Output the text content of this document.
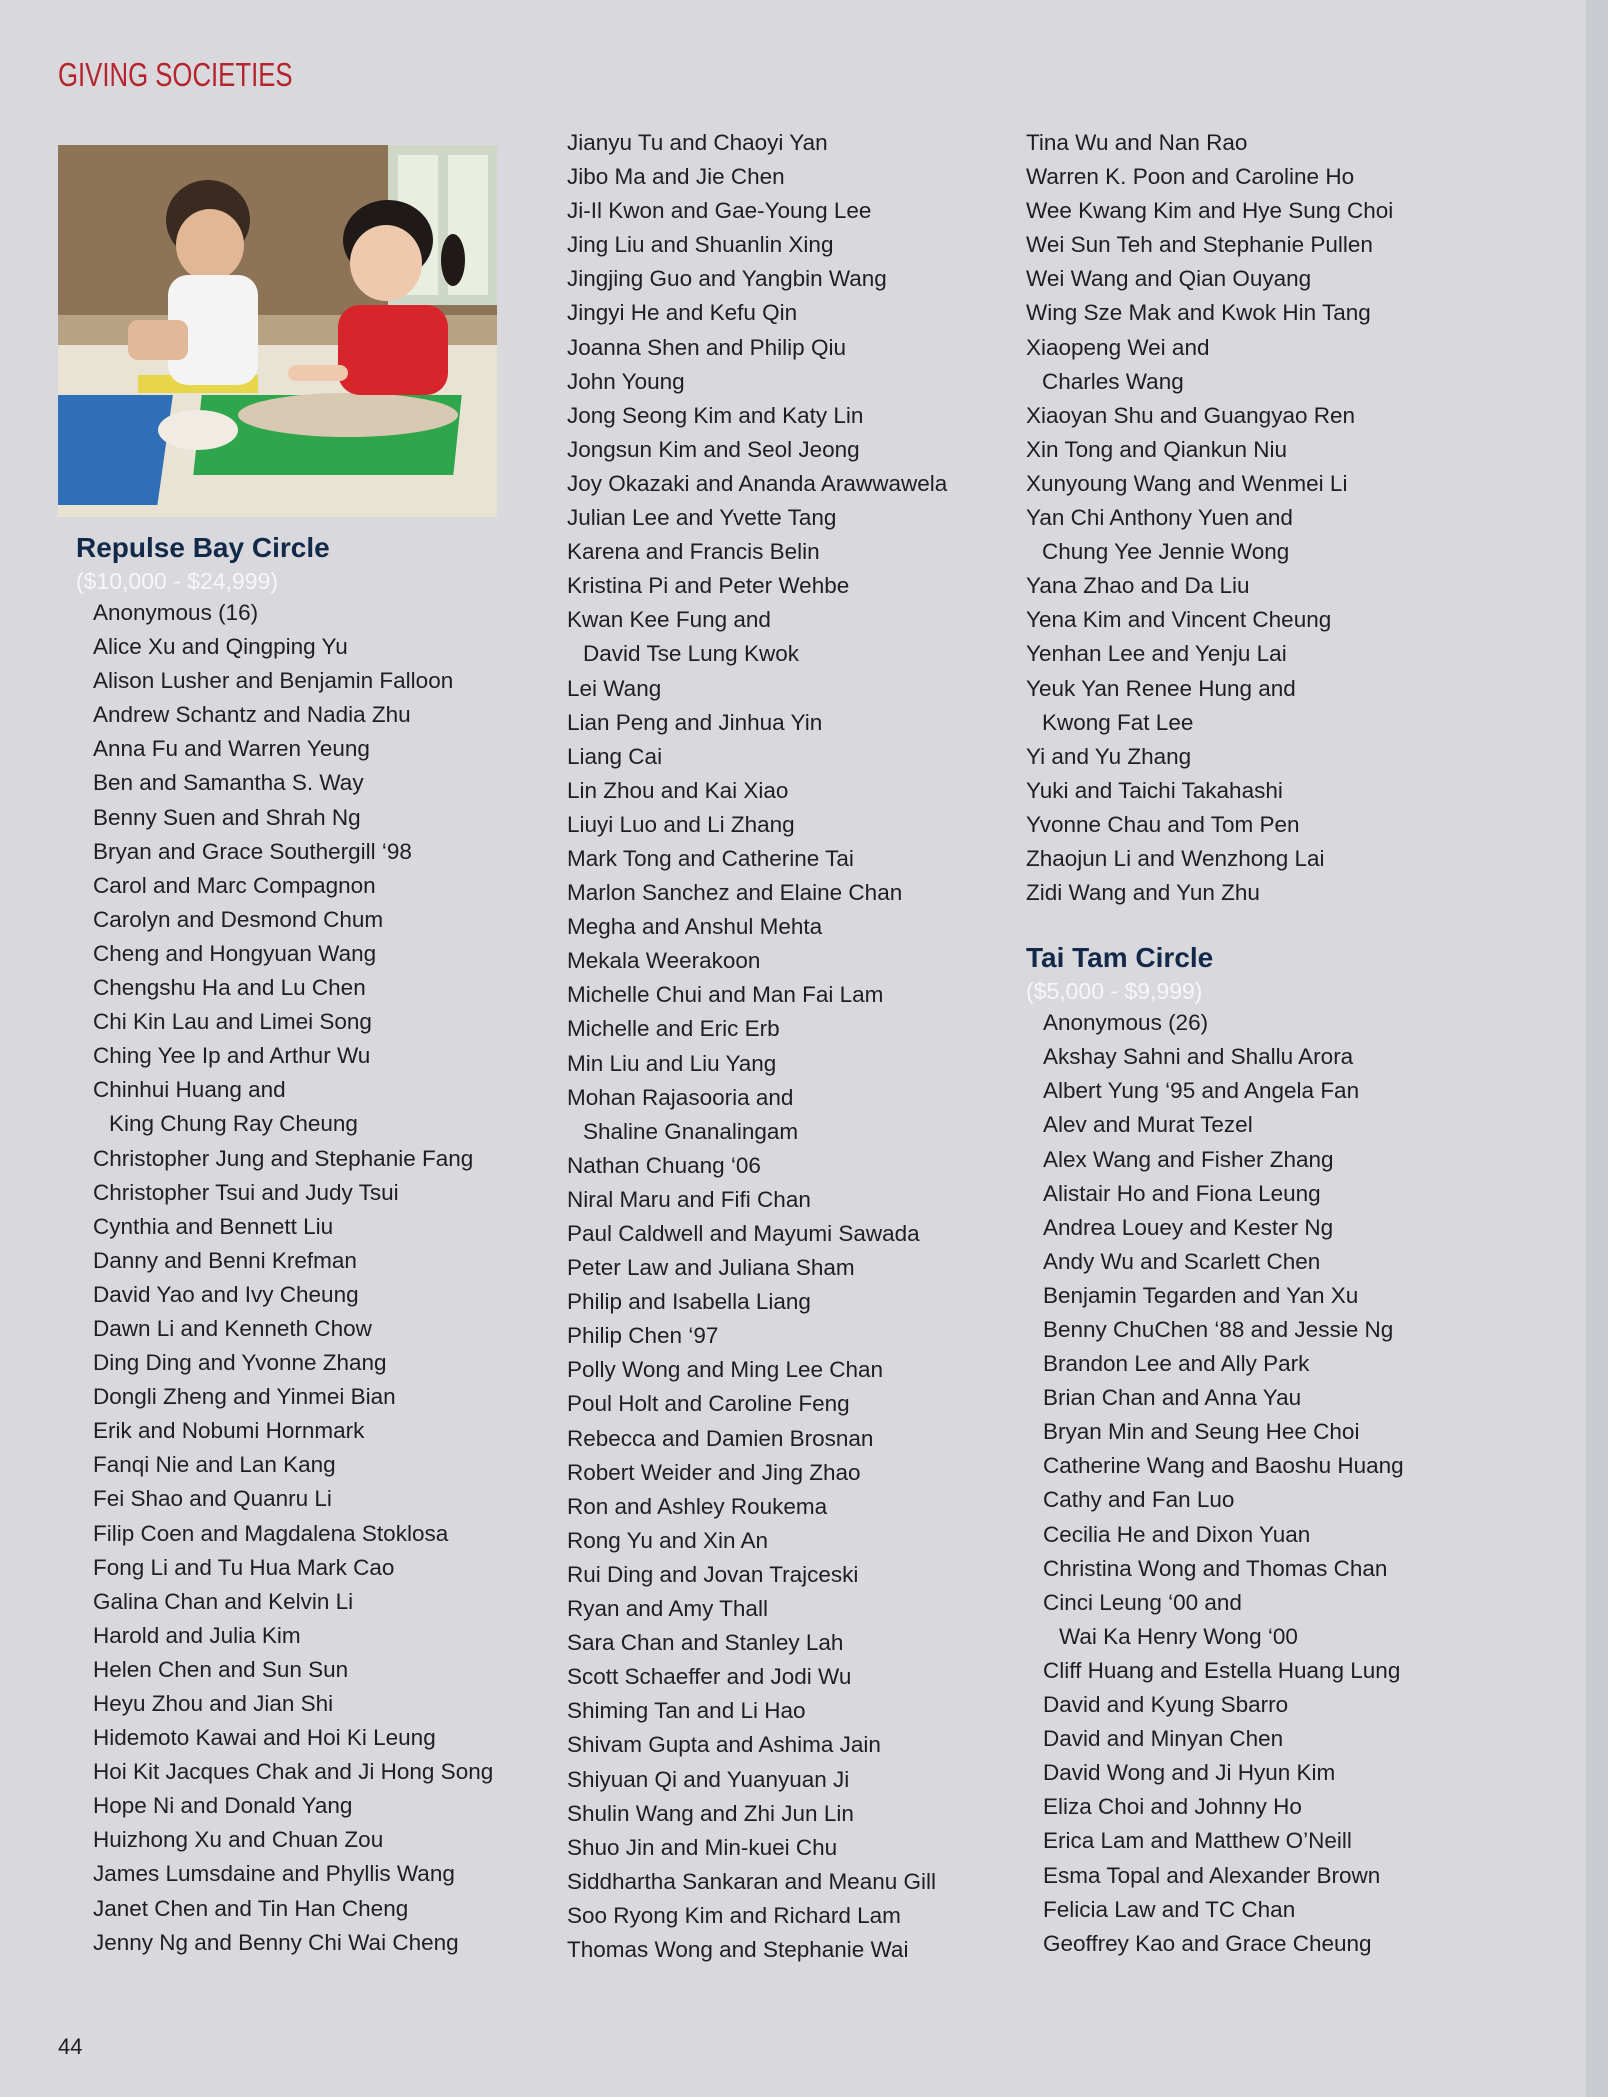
GIVING SOCIETIES
Repulse Bay Circle
($10,000 - $24,999)
Anonymous (16)
Alice Xu and Qingping Yu
Alison Lusher and Benjamin Falloon
Andrew Schantz and Nadia Zhu
Anna Fu and Warren Yeung
Ben and Samantha S. Way
Benny Suen and Shrah Ng
Bryan and Grace Southergill ‘98
Carol and Marc Compagnon
Carolyn and Desmond Chum
Cheng and Hongyuan Wang
Chengshu Ha and Lu Chen
Chi Kin Lau and Limei Song
Ching Yee Ip and Arthur Wu
Chinhui Huang and
King Chung Ray Cheung
Christopher Jung and Stephanie Fang
Christopher Tsui and Judy Tsui
Cynthia and Bennett Liu
Danny and Benni Krefman
David Yao and Ivy Cheung
Dawn Li and Kenneth Chow
Ding Ding and Yvonne Zhang
Dongli Zheng and Yinmei Bian
Erik and Nobumi Hornmark
Fanqi Nie and Lan Kang
Fei Shao and Quanru Li
Filip Coen and Magdalena Stoklosa
Fong Li and Tu Hua Mark Cao
Galina Chan and Kelvin Li
Harold and Julia Kim
Helen Chen and Sun Sun
Heyu Zhou and Jian Shi
Hidemoto Kawai and Hoi Ki Leung
Hoi Kit Jacques Chak and Ji Hong Song
Hope Ni and Donald Yang
Huizhong Xu and Chuan Zou
James Lumsdaine and Phyllis Wang
Janet Chen and Tin Han Cheng
Jenny Ng and Benny Chi Wai Cheng
Jianyu Tu and Chaoyi Yan
Jibo Ma and Jie Chen
Ji-Il Kwon and Gae-Young Lee
Jing Liu and Shuanlin Xing
Jingjing Guo and Yangbin Wang
Jingyi He and Kefu Qin
Joanna Shen and Philip Qiu
John Young
Jong Seong Kim and Katy Lin
Jongsun Kim and Seol Jeong
Joy Okazaki and Ananda Arawwawela
Julian Lee and Yvette Tang
Karena and Francis Belin
Kristina Pi and Peter Wehbe
Kwan Kee Fung and
David Tse Lung Kwok
Lei Wang
Lian Peng and Jinhua Yin
Liang Cai
Lin Zhou and Kai Xiao
Liuyi Luo and Li Zhang
Mark Tong and Catherine Tai
Marlon Sanchez and Elaine Chan
Megha and Anshul Mehta
Mekala Weerakoon
Michelle Chui and Man Fai Lam
Michelle and Eric Erb
Min Liu and Liu Yang
Mohan Rajasooria and
Shaline Gnanalingam
Nathan Chuang ‘06
Niral Maru and Fifi Chan
Paul Caldwell and Mayumi Sawada
Peter Law and Juliana Sham
Philip and Isabella Liang
Philip Chen ‘97
Polly Wong and Ming Lee Chan
Poul Holt and Caroline Feng
Rebecca and Damien Brosnan
Robert Weider and Jing Zhao
Ron and Ashley Roukema
Rong Yu and Xin An
Rui Ding and Jovan Trajceski
Ryan and Amy Thall
Sara Chan and Stanley Lah
Scott Schaeffer and Jodi Wu
Shiming Tan and Li Hao
Shivam Gupta and Ashima Jain
Shiyuan Qi and Yuanyuan Ji
Shulin Wang and Zhi Jun Lin
Shuo Jin and Min-kuei Chu
Siddhartha Sankaran and Meanu Gill
Soo Ryong Kim and Richard Lam
Thomas Wong and Stephanie Wai
Tina Wu and Nan Rao
Warren K. Poon and Caroline Ho
Wee Kwang Kim and Hye Sung Choi
Wei Sun Teh and Stephanie Pullen
Wei Wang and Qian Ouyang
Wing Sze Mak and Kwok Hin Tang
Xiaopeng Wei and
Charles Wang
Xiaoyan Shu and Guangyao Ren
Xin Tong and Qiankun Niu
Xunyoung Wang and Wenmei Li
Yan Chi Anthony Yuen and
Chung Yee Jennie Wong
Yana Zhao and Da Liu
Yena Kim and Vincent Cheung
Yenhan Lee and Yenju Lai
Yeuk Yan Renee Hung and
Kwong Fat Lee
Yi and Yu Zhang
Yuki and Taichi Takahashi
Yvonne Chau and Tom Pen
Zhaojun Li and Wenzhong Lai
Zidi Wang and Yun Zhu
Tai Tam Circle
($5,000 - $9,999)
Anonymous (26)
Akshay Sahni and Shallu Arora
Albert Yung ‘95 and Angela Fan
Alev and Murat Tezel
Alex Wang and Fisher Zhang
Alistair Ho and Fiona Leung
Andrea Louey and Kester Ng
Andy Wu and Scarlett Chen
Benjamin Tegarden and Yan Xu
Benny ChuChen ‘88 and Jessie Ng
Brandon Lee and Ally Park
Brian Chan and Anna Yau
Bryan Min and Seung Hee Choi
Catherine Wang and Baoshu Huang
Cathy and Fan Luo
Cecilia He and Dixon Yuan
Christina Wong and Thomas Chan
Cinci Leung ‘00 and
Wai Ka Henry Wong ‘00
Cliff Huang and Estella Huang Lung
David and Kyung Sbarro
David and Minyan Chen
David Wong and Ji Hyun Kim
Eliza Choi and Johnny Ho
Erica Lam and Matthew O’Neill
Esma Topal and Alexander Brown
Felicia Law and TC Chan
Geoffrey Kao and Grace Cheung
44
